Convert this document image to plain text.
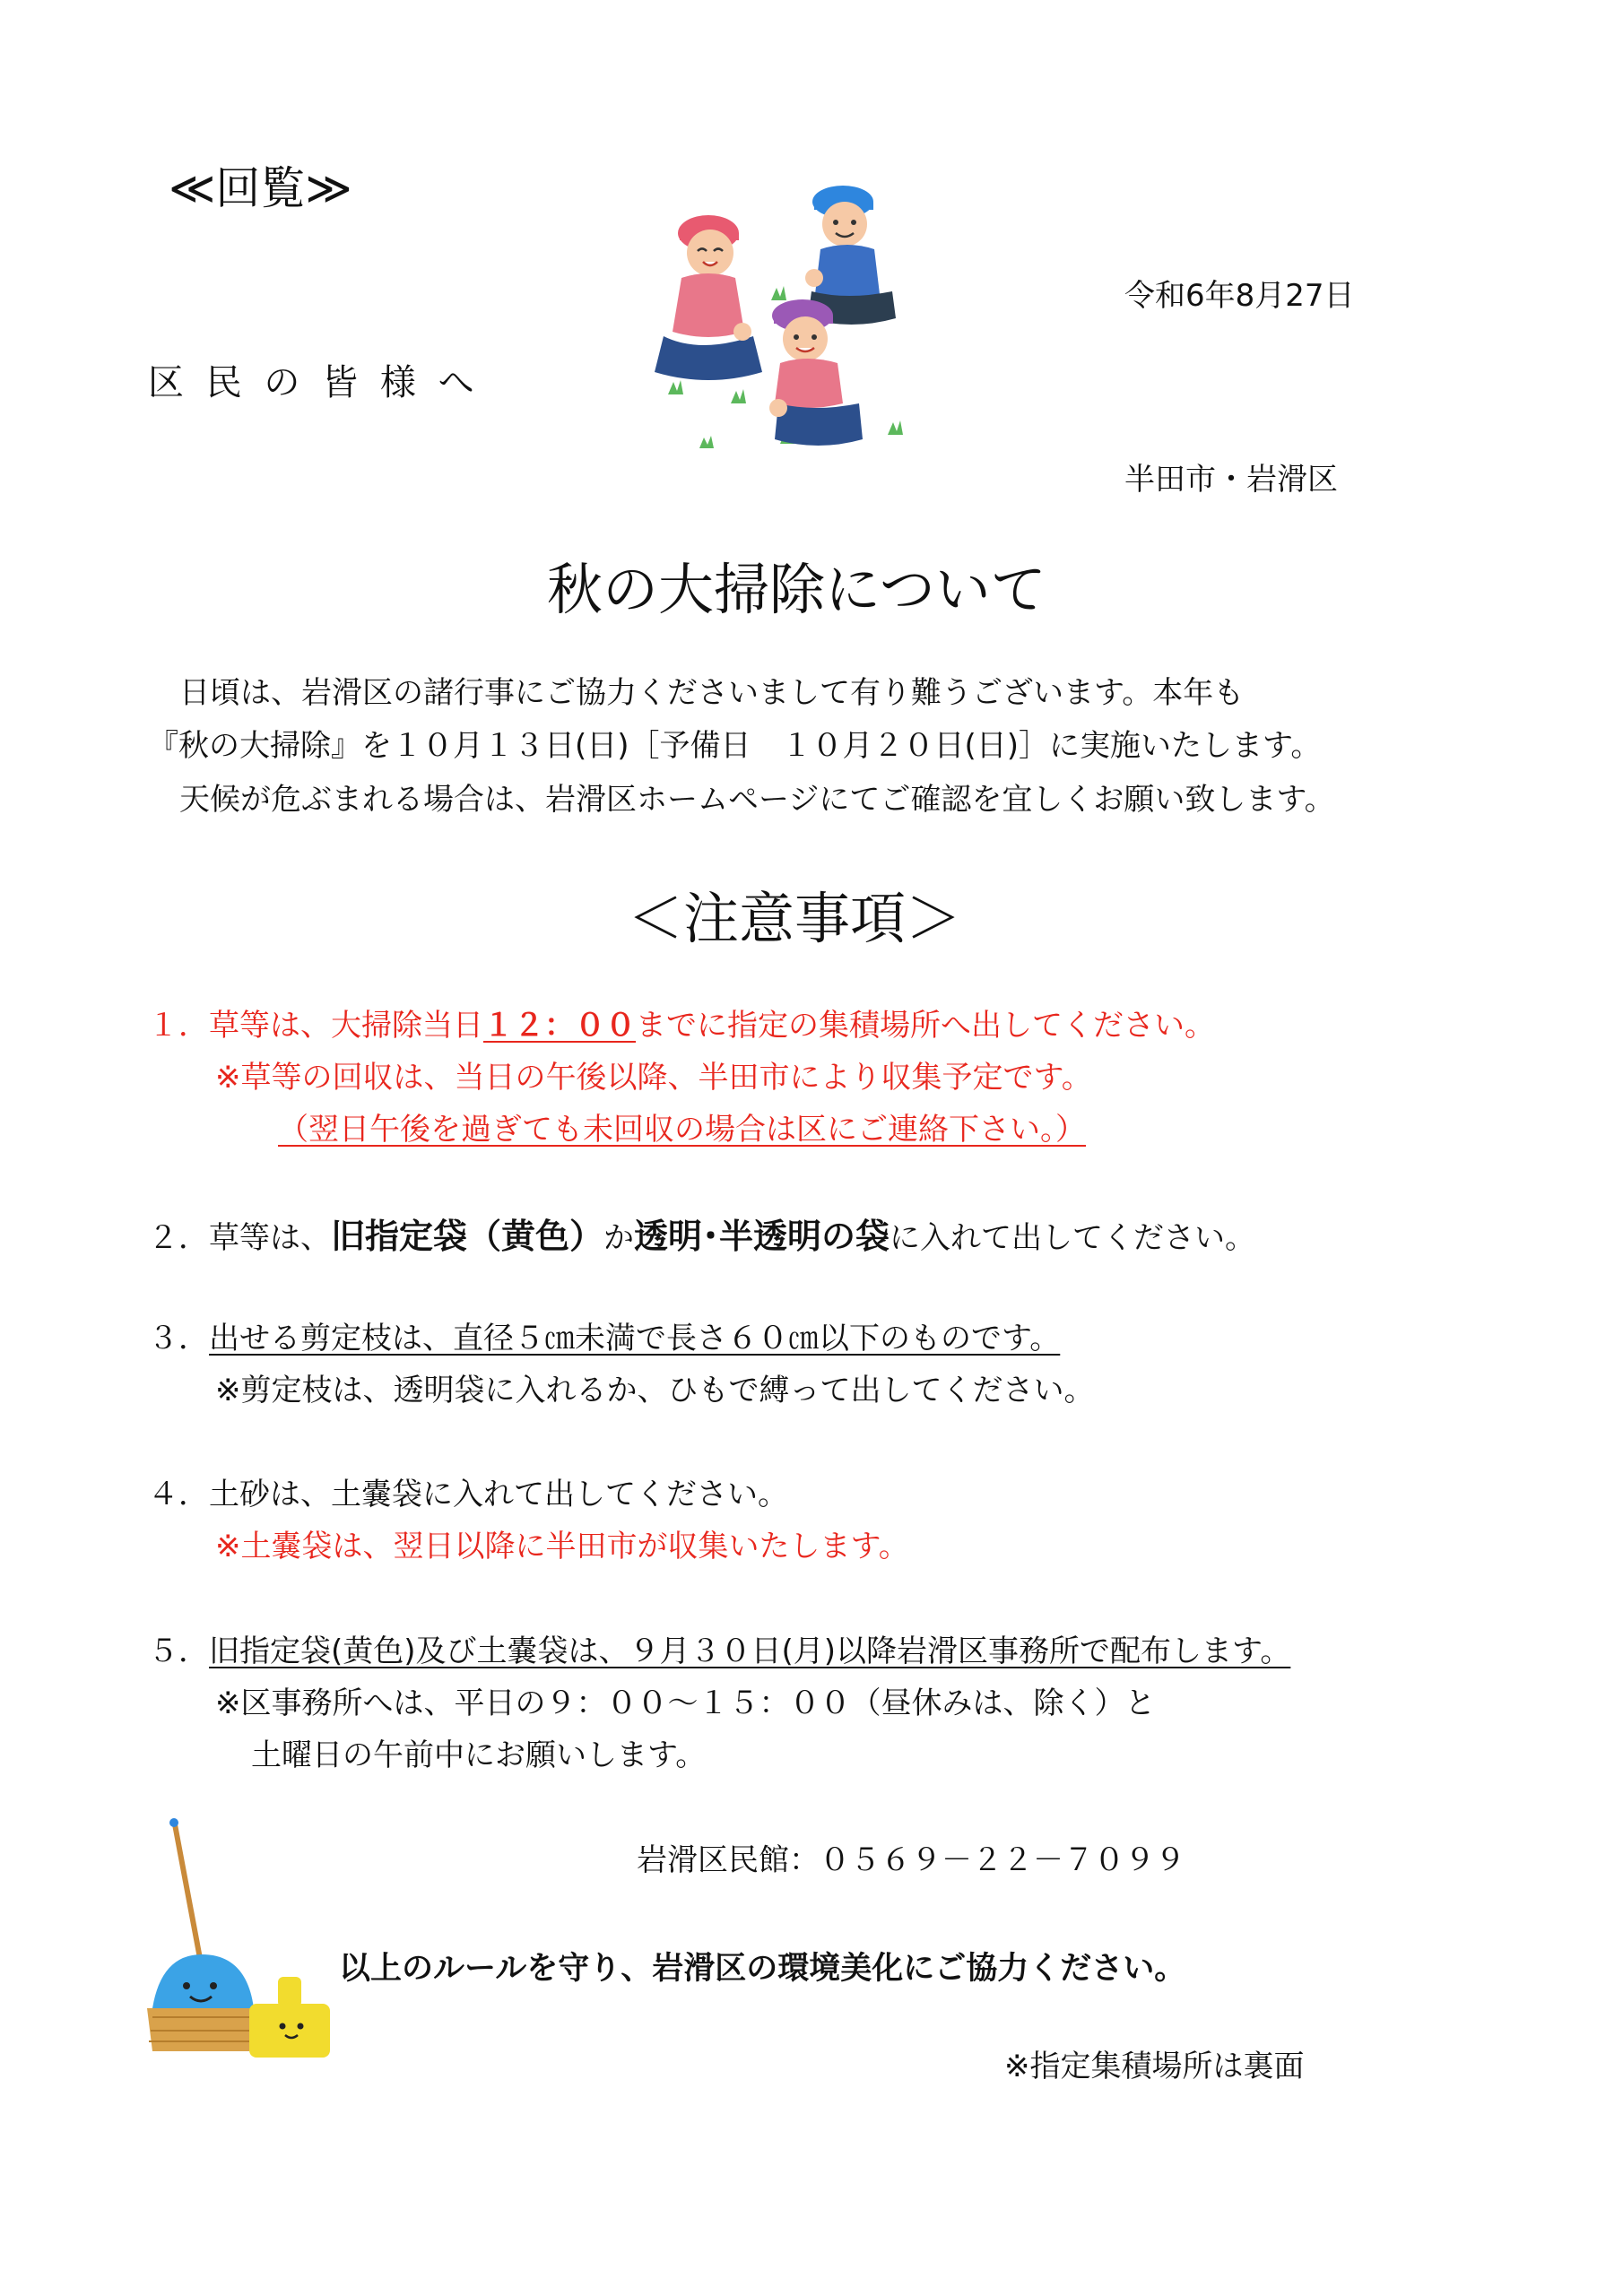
≪回覧≫
区 民 の 皆 様 へ
令和6年8月27日
半田市・岩滑区
秋の大掃除について
日頃は、岩滑区の諸行事にご協力くださいまして有り難うございます。本年も
『秋の大掃除』を１０月１３日(日)［予備日　１０月２０日(日)］に実施いたします。
天候が危ぶまれる場合は、岩滑区ホームページにてご確認を宜しくお願い致します。
＜注意事項＞
１．草等は、大掃除当日１２：００までに指定の集積場所へ出してください。
※草等の回収は、当日の午後以降、半田市により収集予定です。
（翌日午後を過ぎても未回収の場合は区にご連絡下さい。）
２．草等は、旧指定袋（黄色）か透明･半透明の袋に入れて出してください。
３．出せる剪定枝は、直径５㎝未満で長さ６０㎝以下のものです。
※剪定枝は、透明袋に入れるか、ひもで縛って出してください。
４．土砂は、土嚢袋に入れて出してください。
※土嚢袋は、翌日以降に半田市が収集いたします。
５．旧指定袋(黄色)及び土嚢袋は、９月３０日(月)以降岩滑区事務所で配布します。
※区事務所へは、平日の９：００～１５：００（昼休みは、除く）と
土曜日の午前中にお願いします。
岩滑区民館：０５６９－２２－７０９９
以上のルールを守り、岩滑区の環境美化にご協力ください。
※指定集積場所は裏面
